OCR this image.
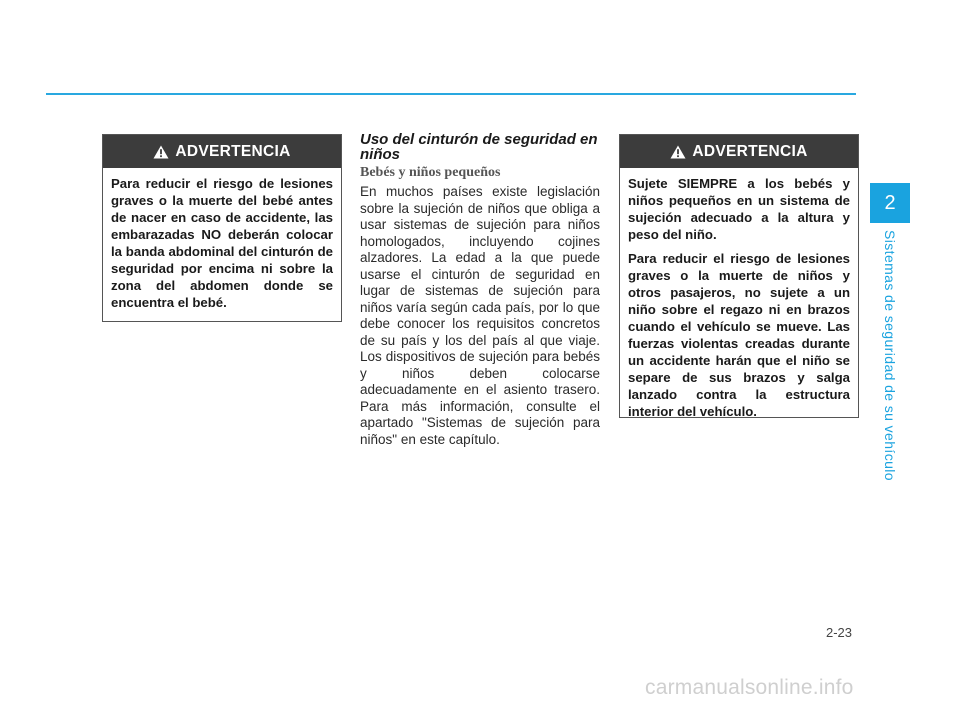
ADVERTENCIA

Para reducir el riesgo de lesiones graves o la muerte del bebé antes de nacer en caso de accidente, las embarazadas NO deberán colocar la banda abdominal del cinturón de seguridad por encima ni sobre la zona del abdomen donde se encuentra el bebé.

Uso del cinturón de seguridad en niños
Bebés y niños pequeños

En muchos países existe legislación sobre la sujeción de niños que obliga a usar sistemas de sujeción para niños homologados, incluyendo cojines alzadores. La edad a la que puede usarse el cinturón de seguridad en lugar de sistemas de sujeción para niños varía según cada país, por lo que debe conocer los requisitos concretos de su país y los del país al que viaje. Los dispositivos de sujeción para bebés y niños deben colocarse adecuadamente en el asiento trasero. Para más información, consulte el apartado "Sistemas de sujeción para niños" en este capítulo.

ADVERTENCIA

Sujete SIEMPRE a los bebés y niños pequeños en un sistema de sujeción adecuado a la altura y peso del niño.

Para reducir el riesgo de lesiones graves o la muerte de niños y otros pasajeros, no sujete a un niño sobre el regazo ni en brazos cuando el vehículo se mueve. Las fuerzas violentas creadas durante un accidente harán que el niño se separe de sus brazos y salga lanzado contra la estructura interior del vehículo.

2
Sistemas de seguridad de su vehículo
2-23
carmanualsonline.info
